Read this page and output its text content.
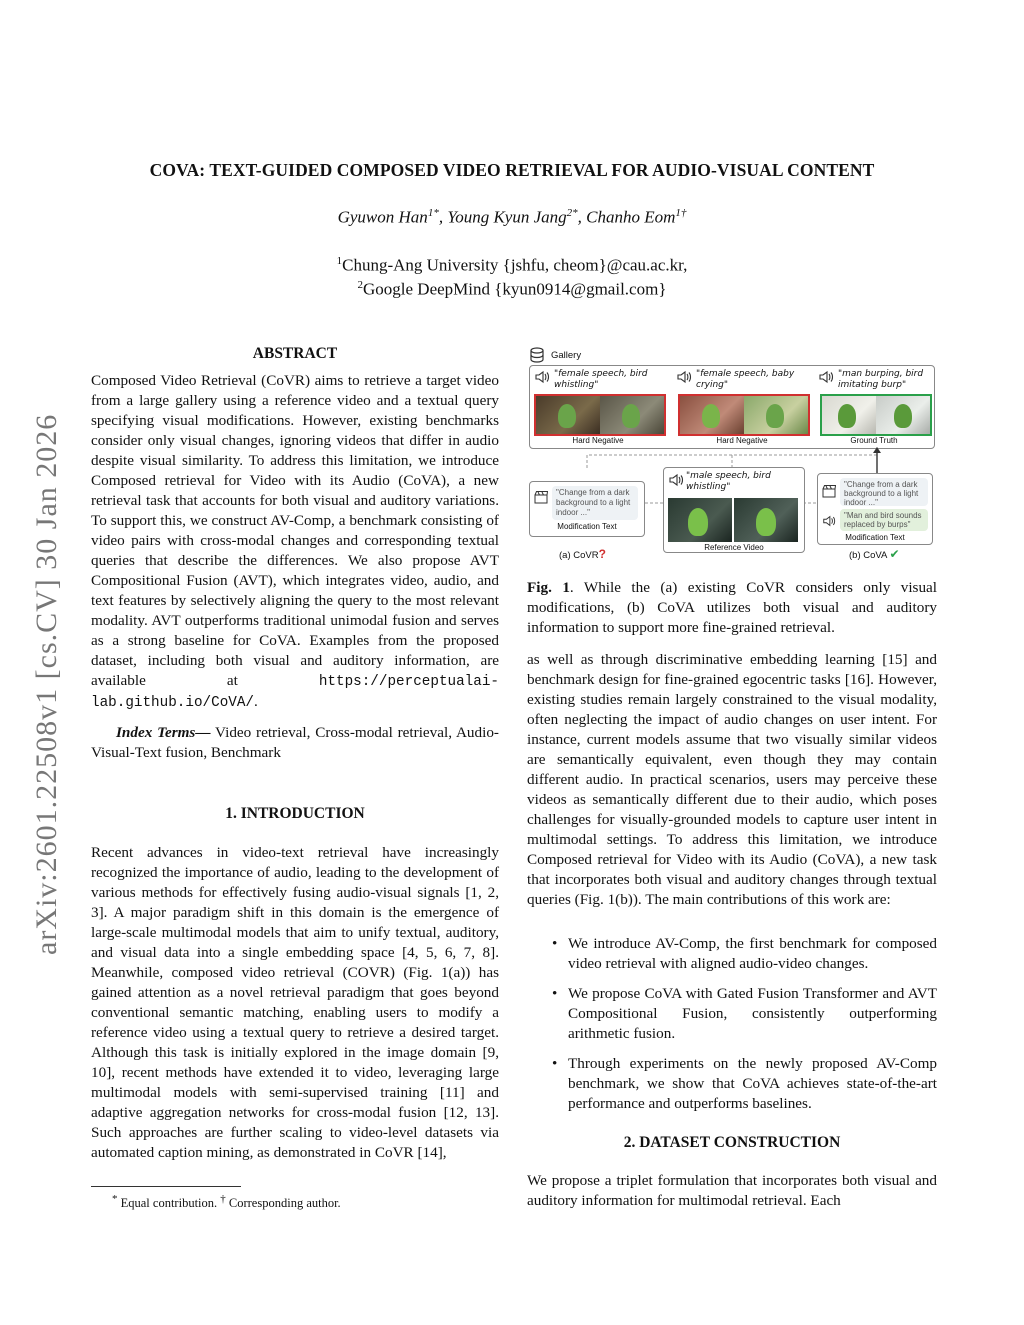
arXiv:2601.22508v1 [cs.CV] 30 Jan 2026
COVA: TEXT-GUIDED COMPOSED VIDEO RETRIEVAL FOR AUDIO-VISUAL CONTENT
Gyuwon Han$^{1*}$, Young Kyun Jang$^{2*}$, Chanho Eom$^{1\dagger}$
$^1$Chung-Ang University {jshfu, cheom}@cau.ac.kr,
$^2$Google DeepMind {kyun0914@gmail.com}
ABSTRACT

Composed Video Retrieval (CoVR) aims to retrieve a target video from a large gallery using a reference video and a textual query specifying visual modifications. However, existing benchmarks consider only visual changes, ignoring videos that differ in audio despite visual similarity. To address this limitation, we introduce Composed retrieval for Video with its Audio (CoVA), a new retrieval task that accounts for both visual and auditory variations. To support this, we construct AV-Comp, a benchmark consisting of video pairs with cross-modal changes and corresponding textual queries that describe the differences. We also propose AVT Compositional Fusion (AVT), which integrates video, audio, and text features by selectively aligning the query to the most relevant modality. AVT outperforms traditional unimodal fusion and serves as a strong baseline for CoVA. Examples from the proposed dataset, including both visual and auditory information, are available at	https://perceptualai-lab.github.io/CoVA/.

Index Terms— Video retrieval, Cross-modal retrieval, Audio-Visual-Text fusion, Benchmark

1. INTRODUCTION
Recent advances in video-text retrieval have increasingly recognized the importance of audio, leading to the development of various methods for effectively fusing audio-visual signals [1, 2, 3]. A major paradigm shift in this domain is the emergence of large-scale multimodal models that aim to unify textual, auditory, and visual data into a single embedding space [4, 5, 6, 7, 8]. Meanwhile, composed video retrieval (COVR) (Fig. 1(a)) has gained attention as a novel retrieval paradigm that goes beyond conventional semantic matching, enabling users to modify a reference video using a textual query to retrieve a desired target. Although this task is initially explored in the image domain [9, 10], recent methods have extended it to video, leveraging large multimodal models with semi-supervised training [11] and adaptive aggregation networks for cross-modal fusion [12, 13]. Such approaches are further scaling to video-level datasets via automated caption mining, as demonstrated in CoVR [14],
* Equal contribution. † Corresponding author.
Gallery
"female speech, bird whistling"
Hard Negative
"female speech, baby crying"
Hard Negative
"man burping, bird imitating burp"
Ground Truth
"Change from a dark background to a light indoor ..."
Modification Text
(a) CoVR?
"male speech, bird whistling"
Reference Video
"Change from a dark background to a light indoor ..."
"Man and bird sounds replaced by burps"
Modification Text
(b) CoVA ✔
Fig. 1. While the (a) existing CoVR considers only visual modifications, (b) CoVA utilizes both visual and auditory information to support more fine-grained retrieval.
as well as through discriminative embedding learning [15] and benchmark design for fine-grained egocentric tasks [16]. However, existing studies remain largely constrained to the visual modality, often neglecting the impact of audio changes on user intent. For instance, current models assume that two visually similar videos are semantically equivalent, even though they may contain different audio. In practical scenarios, users may perceive these videos as semantically different due to their audio, which poses challenges for visually-grounded models to capture user intent in multimodal settings. To address this limitation, we introduce Composed retrieval for Video with its Audio (CoVA), a new task that incorporates both visual and auditory changes through textual queries (Fig. 1(b)). The main contributions of this work are:
• We introduce AV-Comp, the first benchmark for composed video retrieval with aligned audio-video changes.
• We propose CoVA with Gated Fusion Transformer and AVT Compositional Fusion, consistently outperforming arithmetic fusion.
• Through experiments on the newly proposed AV-Comp benchmark, we show that CoVA achieves state-of-the-art performance and outperforms baselines.
2. DATASET CONSTRUCTION
We propose a triplet formulation that incorporates both visual and auditory information for multimodal retrieval. Each
